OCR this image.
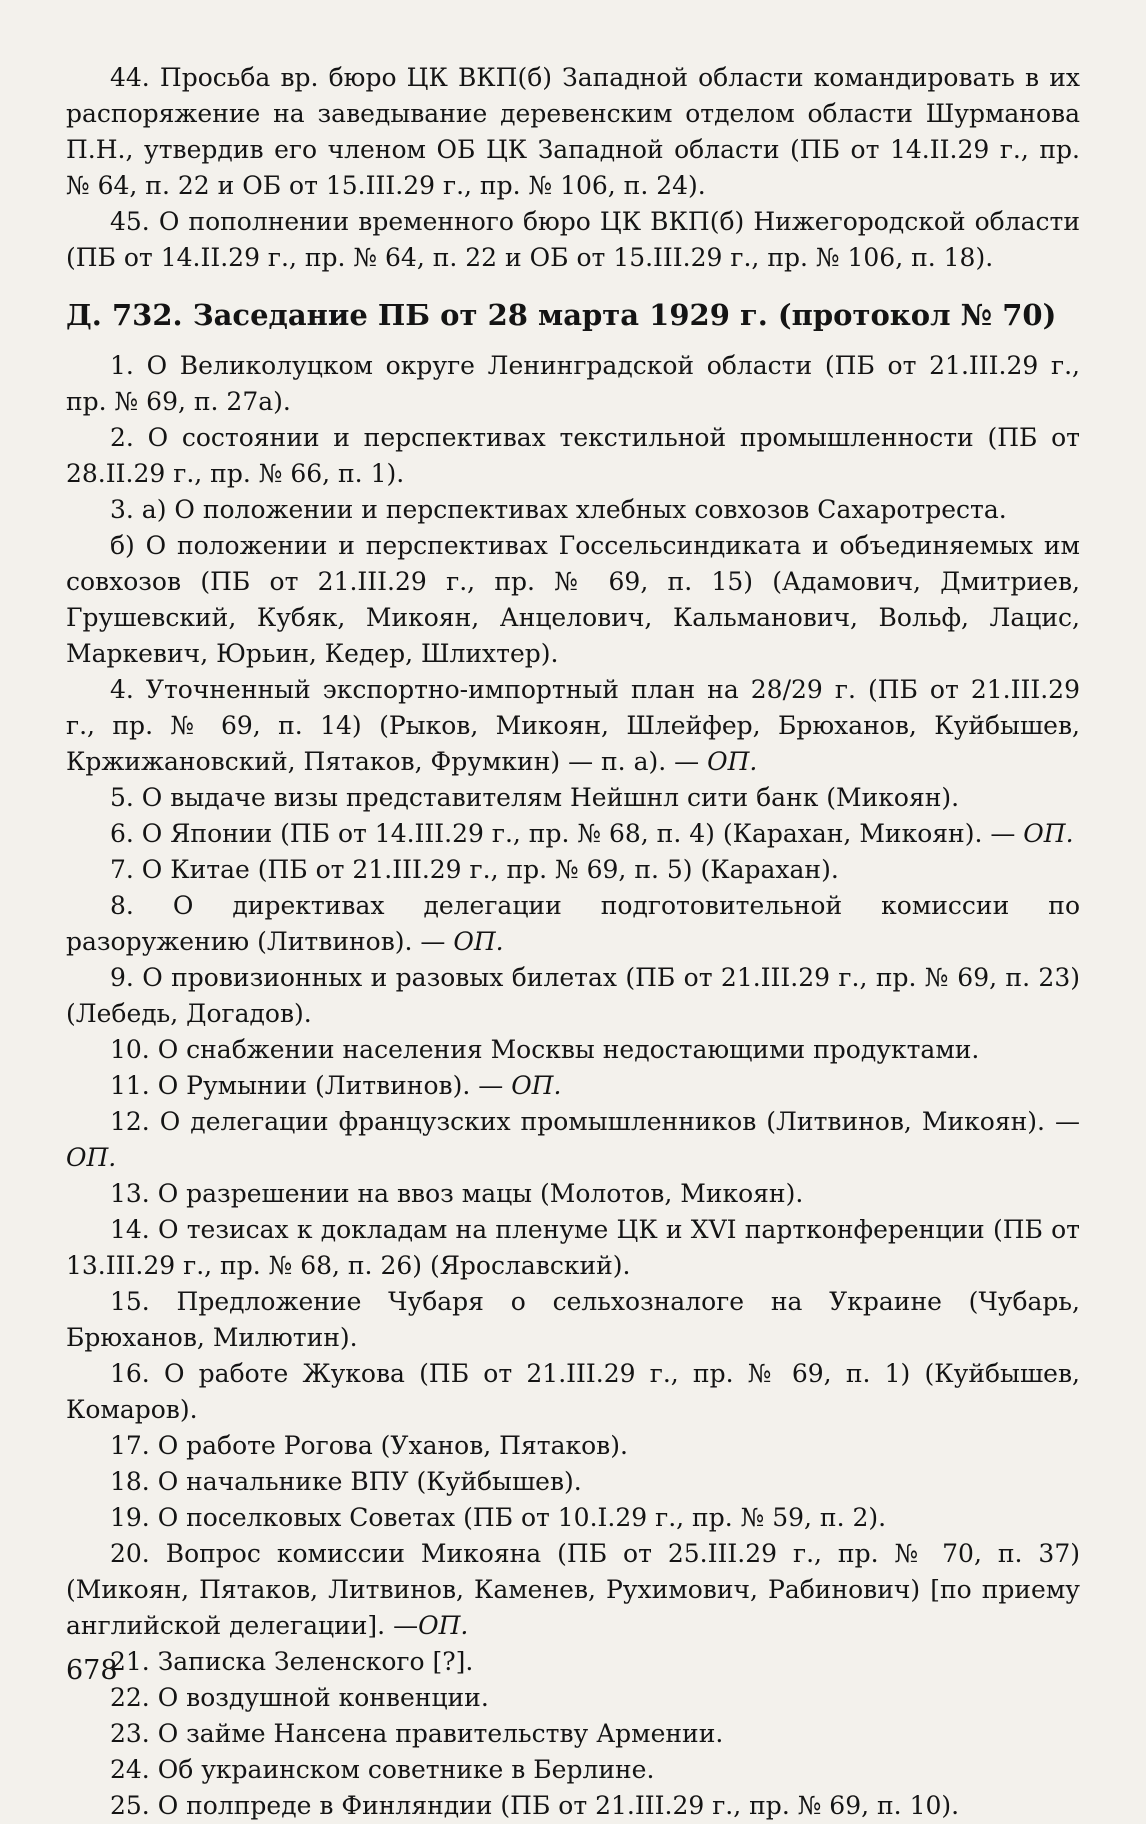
44. Просьба вр. бюро ЦК ВКП(б) Западной области командировать в их распоряжение на заведывание деревенским отделом области Шурманова П.Н., утвердив его членом ОБ ЦК Западной области (ПБ от 14.II.29 г., пр. № 64, п. 22 и ОБ от 15.III.29 г., пр. № 106, п. 24).

45. О пополнении временного бюро ЦК ВКП(б) Нижегородской области (ПБ от 14.II.29 г., пр. № 64, п. 22 и ОБ от 15.III.29 г., пр. № 106, п. 18).

Д. 732. Заседание ПБ от 28 марта 1929 г. (протокол № 70)

1. О Великолуцком округе Ленинградской области (ПБ от 21.III.29 г., пр. № 69, п. 27а).

2. О состоянии и перспективах текстильной промышленности (ПБ от 28.II.29 г., пр. № 66, п. 1).

3. а) О положении и перспективах хлебных совхозов Сахаротреста.

б) О положении и перспективах Госсельсиндиката и объединяемых им совхозов (ПБ от 21.III.29 г., пр. № 69, п. 15) (Адамович, Дмитриев, Грушевский, Кубяк, Микоян, Анцелович, Кальманович, Вольф, Лацис, Маркевич, Юрьин, Кедер, Шлихтер).

4. Уточненный экспортно-импортный план на 28/29 г. (ПБ от 21.III.29 г., пр. № 69, п. 14) (Рыков, Микоян, Шлейфер, Брюханов, Куйбышев, Кржижановский, Пятаков, Фрумкин) — п. а). — ОП.

5. О выдаче визы представителям Нейшнл сити банк (Микоян).

6. О Японии (ПБ от 14.III.29 г., пр. № 68, п. 4) (Карахан, Микоян). — ОП.

7. О Китае (ПБ от 21.III.29 г., пр. № 69, п. 5) (Карахан).

8. О директивах делегации подготовительной комиссии по разоружению (Литвинов). — ОП.

9. О провизионных и разовых билетах (ПБ от 21.III.29 г., пр. № 69, п. 23) (Лебедь, Догадов).

10. О снабжении населения Москвы недостающими продуктами.

11. О Румынии (Литвинов). — ОП.

12. О делегации французских промышленников (Литвинов, Микоян). — ОП.

13. О разрешении на ввоз мацы (Молотов, Микоян).

14. О тезисах к докладам на пленуме ЦК и XVI партконференции (ПБ от 13.III.29 г., пр. № 68, п. 26) (Ярославский).

15. Предложение Чубаря о сельхозналоге на Украине (Чубарь, Брюханов, Милютин).

16. О работе Жукова (ПБ от 21.III.29 г., пр. № 69, п. 1) (Куйбышев, Комаров).

17. О работе Рогова (Уханов, Пятаков).

18. О начальнике ВПУ (Куйбышев).

19. О поселковых Советах (ПБ от 10.I.29 г., пр. № 59, п. 2).

20. Вопрос комиссии Микояна (ПБ от 25.III.29 г., пр. № 70, п. 37) (Микоян, Пятаков, Литвинов, Каменев, Рухимович, Рабинович) [по приему английской делегации]. —ОП.

21. Записка Зеленского [?].

22. О воздушной конвенции.

23. О займе Нансена правительству Армении.

24. Об украинском советнике в Берлине.

25. О полпреде в Финляндии (ПБ от 21.III.29 г., пр. № 69, п. 10).

678
